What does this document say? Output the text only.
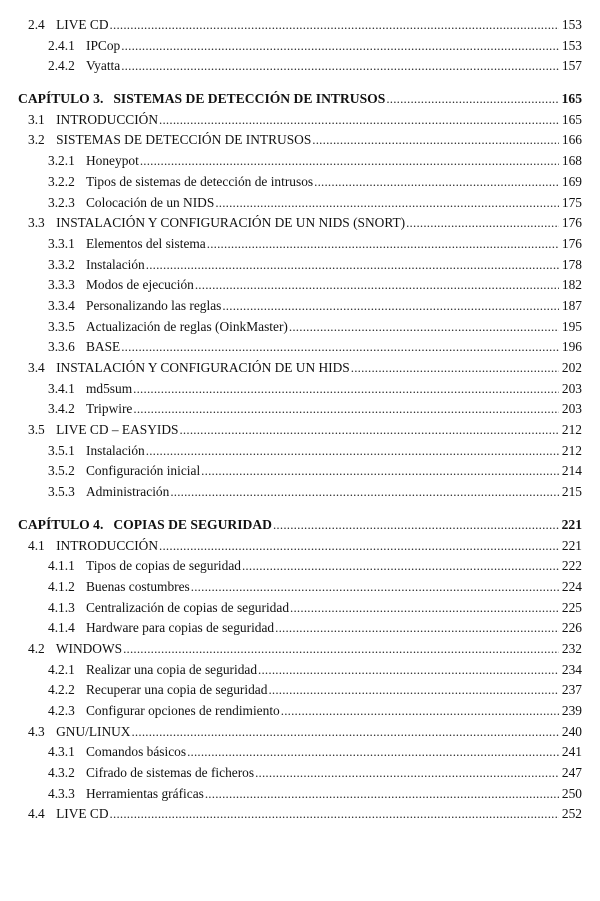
2.4 LIVE CD .....	153
2.4.1 IPCop .....	153
2.4.2 Vyatta .....	157
CAPÍTULO 3. SISTEMAS DE DETECCIÓN DE INTRUSOS .....	165
3.1 INTRODUCCIÓN .....	165
3.2 SISTEMAS DE DETECCIÓN DE INTRUSOS .....	166
3.2.1 Honeypot .....	168
3.2.2 Tipos de sistemas de detección de intrusos .....	169
3.2.3 Colocación de un NIDS .....	175
3.3 INSTALACIÓN Y CONFIGURACIÓN DE UN NIDS (SNORT) .....	176
3.3.1 Elementos del sistema .....	176
3.3.2 Instalación .....	178
3.3.3 Modos de ejecución .....	182
3.3.4 Personalizando las reglas .....	187
3.3.5 Actualización de reglas (OinkMaster) .....	195
3.3.6 BASE .....	196
3.4 INSTALACIÓN Y CONFIGURACIÓN DE UN HIDS .....	202
3.4.1 md5sum .....	203
3.4.2 Tripwire .....	203
3.5 LIVE CD – EASYIDS .....	212
3.5.1 Instalación .....	212
3.5.2 Configuración inicial .....	214
3.5.3 Administración .....	215
CAPÍTULO 4. COPIAS DE SEGURIDAD .....	221
4.1 INTRODUCCIÓN .....	221
4.1.1 Tipos de copias de seguridad .....	222
4.1.2 Buenas costumbres .....	224
4.1.3 Centralización de copias de seguridad .....	225
4.1.4 Hardware para copias de seguridad .....	226
4.2 WINDOWS .....	232
4.2.1 Realizar una copia de seguridad .....	234
4.2.2 Recuperar una copia de seguridad .....	237
4.2.3 Configurar opciones de rendimiento .....	239
4.3 GNU/LINUX .....	240
4.3.1 Comandos básicos .....	241
4.3.2 Cifrado de sistemas de ficheros .....	247
4.3.3 Herramientas gráficas .....	250
4.4 LIVE CD .....	252
